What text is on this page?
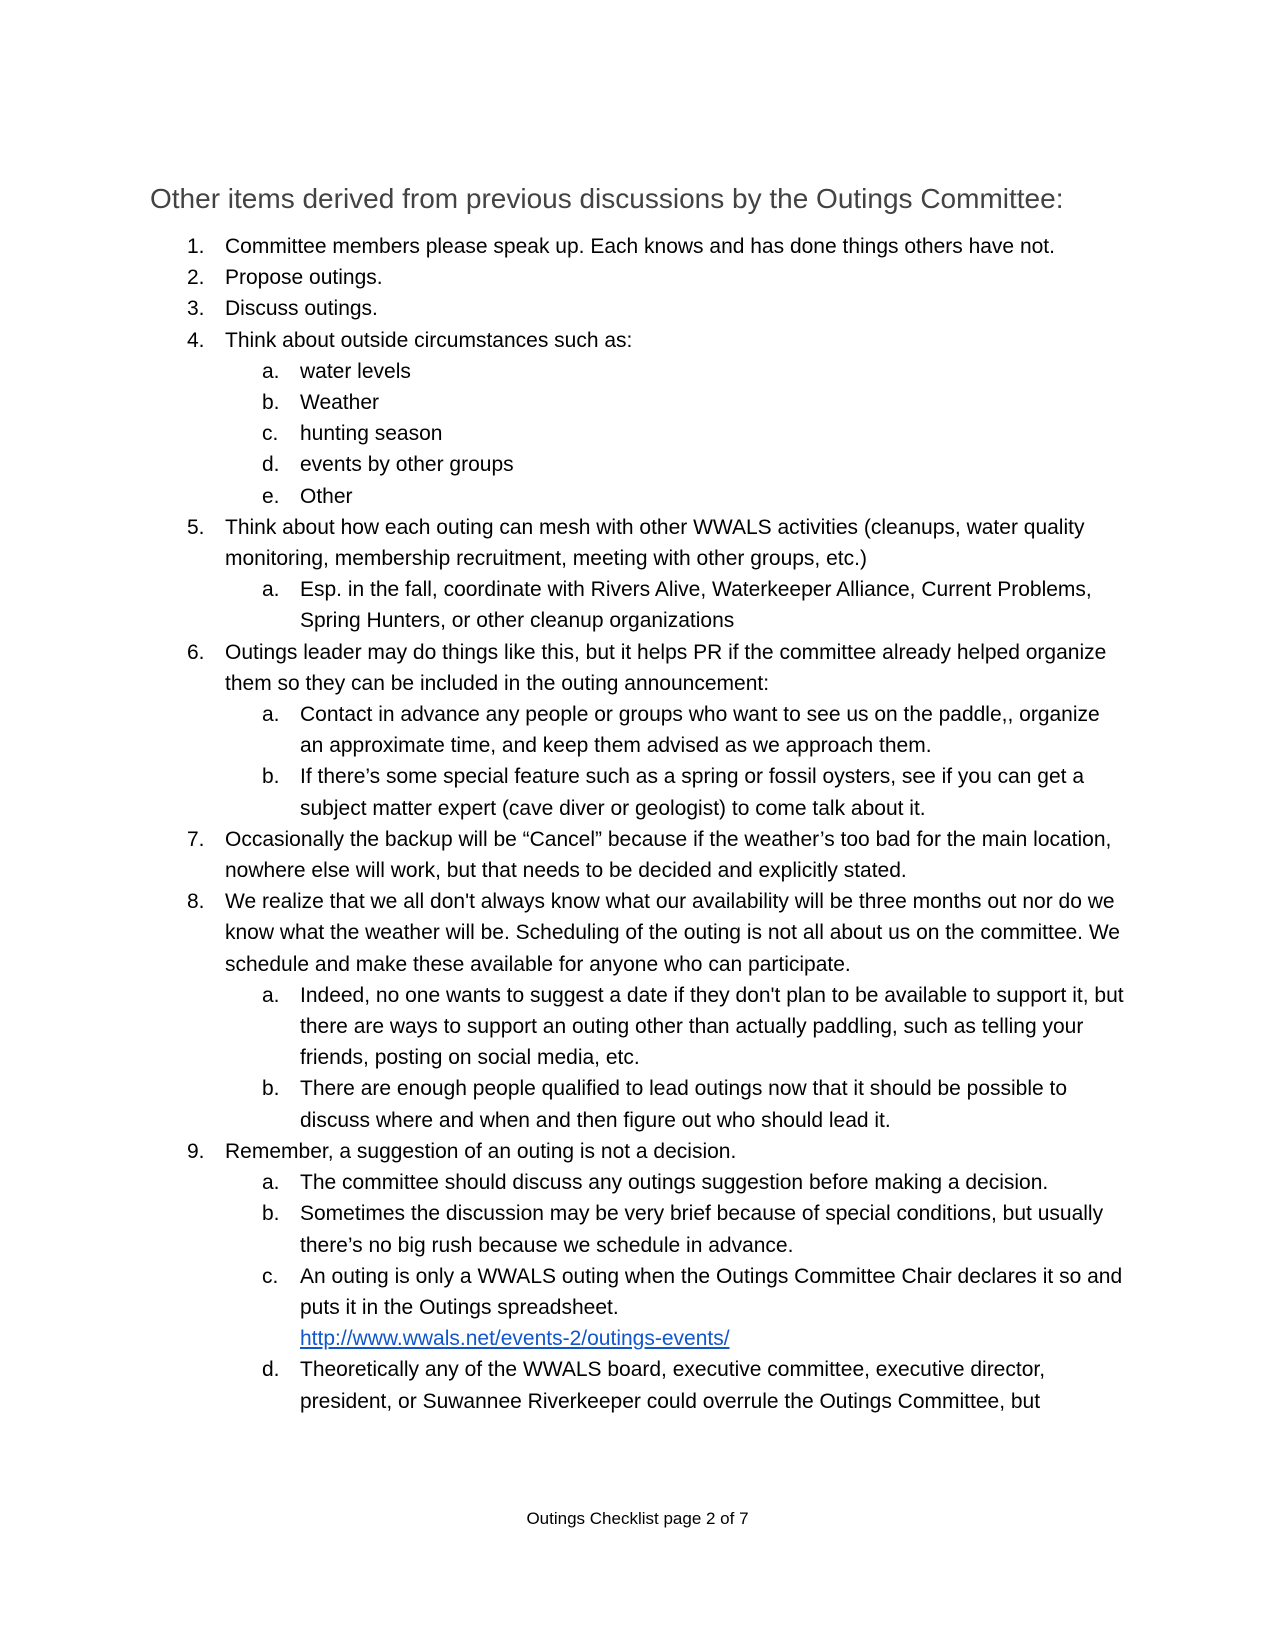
Other items derived from previous discussions by the Outings Committee:
1. Committee members please speak up. Each knows and has done things others have not.
2. Propose outings.
3. Discuss outings.
4. Think about outside circumstances such as:
a. water levels
b. Weather
c. hunting season
d. events by other groups
e. Other
5. Think about how each outing can mesh with other WWALS activities (cleanups, water quality monitoring, membership recruitment, meeting with other groups, etc.)
a. Esp. in the fall, coordinate with Rivers Alive, Waterkeeper Alliance, Current Problems, Spring Hunters, or other cleanup organizations
6. Outings leader may do things like this, but it helps PR if the committee already helped organize them so they can be included in the outing announcement:
a. Contact in advance any people or groups who want to see us on the paddle,, organize an approximate time, and keep them advised as we approach them.
b. If there’s some special feature such as a spring or fossil oysters, see if you can get a subject matter expert (cave diver or geologist) to come talk about it.
7. Occasionally the backup will be “Cancel” because if the weather’s too bad for the main location, nowhere else will work, but that needs to be decided and explicitly stated.
8. We realize that we all don't always know what our availability will be three months out nor do we know what the weather will be. Scheduling of the outing is not all about us on the committee. We schedule and make these available for anyone who can participate.
a. Indeed, no one wants to suggest a date if they don't plan to be available to support it, but there are ways to support an outing other than actually paddling, such as telling your friends, posting on social media, etc.
b. There are enough people qualified to lead outings now that it should be possible to discuss where and when and then figure out who should lead it.
9. Remember, a suggestion of an outing is not a decision.
a. The committee should discuss any outings suggestion before making a decision.
b. Sometimes the discussion may be very brief because of special conditions, but usually there’s no big rush because we schedule in advance.
c. An outing is only a WWALS outing when the Outings Committee Chair declares it so and puts it in the Outings spreadsheet.
http://www.wwals.net/events-2/outings-events/
d. Theoretically any of the WWALS board, executive committee, executive director, president, or Suwannee Riverkeeper could overrule the Outings Committee, but
Outings Checklist page 2 of 7
